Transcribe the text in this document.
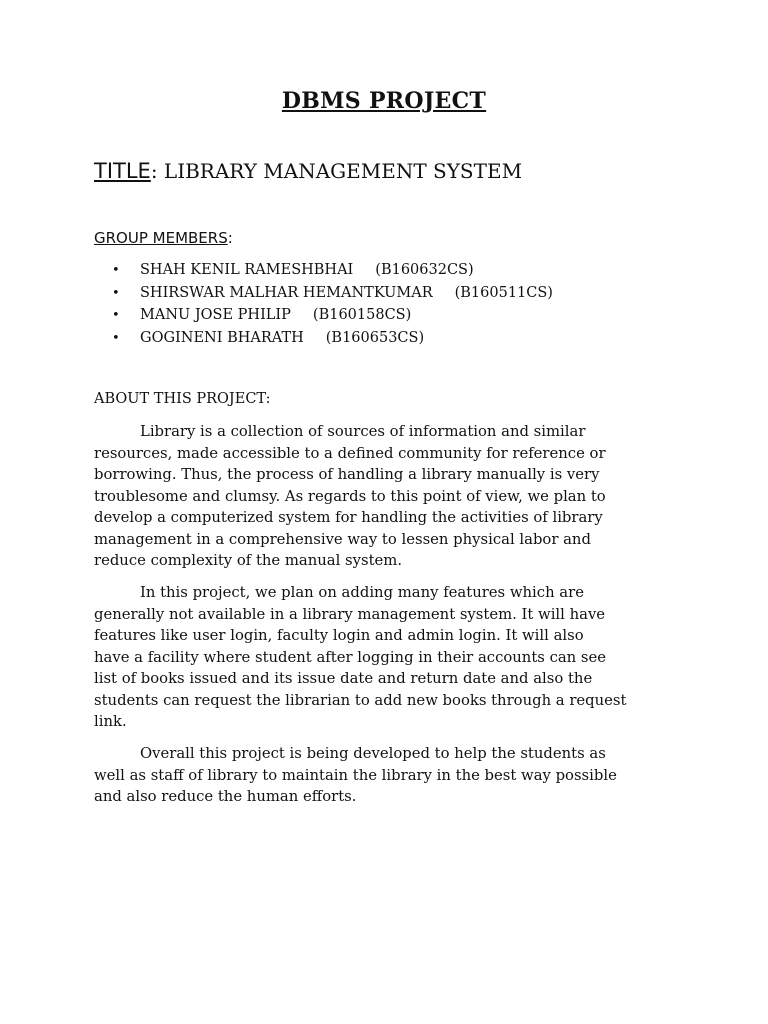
DBMS PROJECT

TITLE: LIBRARY MANAGEMENT SYSTEM

GROUP MEMBERS:

• SHAH KENIL RAMESHBHAI (B160632CS)
• SHIRSWAR MALHAR HEMANTKUMAR (B160511CS)
• MANU JOSE PHILIP (B160158CS)
• GOGINENI BHARATH (B160653CS)

ABOUT THIS PROJECT:

Library is a collection of sources of information and similar
resources, made accessible to a defined community for reference or
borrowing. Thus, the process of handling a library manually is very
troublesome and clumsy. As regards to this point of view, we plan to
develop a computerized system for handling the activities of library
management in a comprehensive way to lessen physical labor and
reduce complexity of the manual system.

In this project, we plan on adding many features which are
generally not available in a library management system. It will have
features like user login, faculty login and admin login. It will also
have a facility where student after logging in their accounts can see
list of books issued and its issue date and return date and also the
students can request the librarian to add new books through a request
link.

Overall this project is being developed to help the students as
well as staff of library to maintain the library in the best way possible
and also reduce the human efforts.
